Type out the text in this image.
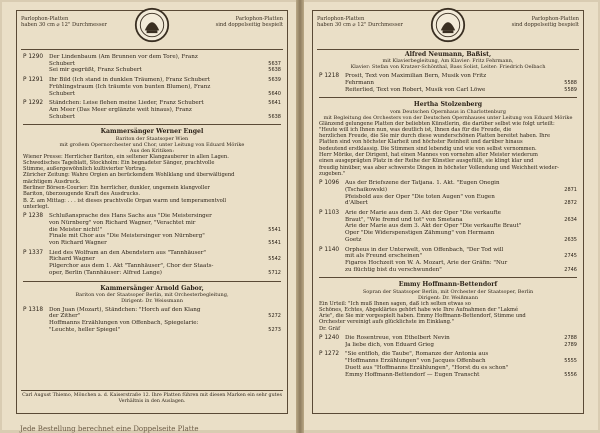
Parlophon-Platten
haben 30 cm ⌀ 12" Durchmesser
Parlophon-Platten
sind doppelseitig bespielt
P 1290	Der Lindenbaum (Am Brunnen vor dem Tore), Franz
Schubert	5637
Sei mir gegrüßt, Franz Schubert	5638
P 1291	Ihr Bild (Ich stand in dunklen Träumen), Franz Schubert	5639
Frühlingstraum (Ich träumte von bunten Blumen), Franz
Schubert	5640
P 1292	Ständchen: Leise flehen meine Lieder, Franz Schubert	5641
Am Meer (Das Meer erglänzte weit hinaus), Franz
Schubert	5638
Kammersänger Werner Engel
Bariton der Staatsoper Wien
mit großem Opernorchester und Chor, unter Leitung von Eduard Mörike
Aus den Kritiken:
Wiener Presse: Herrlicher Bariton, ein seltener Klangzauberer in allen Lagen.
Schwedisches Tageblatt, Stockholm: Ein begnadeter Sänger, prachtvolle
Stimme, außergewöhnlich kultivierter Vortrag.
Züricher Zeitung: Wahre Orgien an berückendem Wohlklang und überwältigend
mächtigem Ausdruck.
Berliner Börsen-Courier: Ein herrlicher, dunkler, ungemein klangvoller
Bariton, überzeugende Kraft des Ausdrucks.
B. Z. am Mittag: . . . ist dieses prachtvolle Organ warm und temperamentvoll
unterlegt.
P 1238	Schlußansprache des Hans Sachs aus "Die Meistersinger
von Nürnberg" von Richard Wagner, "Verachtet mir
die Meister nicht!"	5541
Finale mit Chor aus "Die Meistersinger von Nürnberg"
von Richard Wagner	5541
P 1337	Lied des Wolfram an den Abendstern aus "Tannhäuser"
Richard Wagner	5542
Pilgerchor aus dem 1. Akt "Tannhäuser", Chor der Staats-
oper, Berlin (Tannhäuser: Alfred Lange)	5712
Kammersänger Arnold Gabor,
Bariton von der Staatsoper Berlin, mit Orchesterbegleitung,
Dirigent: Dr. Weissmann
P 1318	Don Juan (Mozart), Ständchen: "Horch auf den Klang
der Zither"	5272
Hoffmanns Erzählungen von Offenbach, Spiegelarie:
"Leuchte, heller Spiegel"	5273
Carl August Thiemo, Mönchen a. d. Kaiserstraße 12. Ihre Platten führen mit diesen Marken ein sehr gutes Verhältnis in den Auslagen.
Parlophon-Platten
haben 30 cm ⌀ 12" Durchmesser
Parlophon-Platten
sind doppelseitig bespielt
Alfred Neumann, Baßist,
mit Klavierbegleitung, Am Klavier: Fritz Fehrmann,
Klavier: Stefan von Kratzer-Schönthal, Bass Solist, Leiter: Friedrich Oelbach
P 1218	Prosit, Text von Maximilian Bern, Musik von Fritz
Fehrmann	5588
Reiterlied, Text von Robert, Musik von Carl Löwe	5589
Hertha Stolzenberg
vom Deutschen Opernhaus in Charlottenburg
mit Begleitung des Orchesters von der Deutschen Opernhauses unter Leitung von Eduard Mörike
Glänzend gelungene Platten der beliebten Künstlerin, die darüber selbst wie folgt urteilt:
"Heute will ich Ihnen nun, was deutlich ist, Ihnen das für die Freude, die
herzlichen Freude, die Sie mir durch diese wunderschönen Platten bereitet haben. Ihre
Platten sind von höchster Klarheit und höchster Reinheit und darüber hinaus
bedeutend erstklassig. Die Stimmen sind lebendig und wie von selbst vernommen.
Herr Mörike, der Dirigent, hat einen Mannes von vornehm alter Meister wiederum
einen ausgeprägten Platz in der Reihe der Künstler ausgefüllt, sie klingt klar und
freudig hinüber, was aber schwerste Dingen in höchster Vollendung und Weichheit wieder-
zugeben."
P 1096	Aus der Briefszene der Tatjana. 1. Akt. "Eugen Onegin
(Tschaikowski)	2871
Pfeisbold aus der Oper "Die toten Augen" von Eugen
d'Albert	2872
P 1103	Arie der Marie aus dem 3. Akt der Oper "Die verkaufte
Braut", "Wie fremd und tot" von Smetana	2634
Arie der Marie aus dem 3. Akt der Oper "Die verkaufte Braut"
Oper "Die Widerspenstigen Zähmung" von Hermann
Goetz	2635
P 1140	Orpheus in der Unterwelt, von Offenbach, "Der Tod will
mit als Freund erscheinen"	2745
Figaros Hochzeit von W. A. Mozart, Arie der Gräfin: "Nur
zu flüchtig bist du verschwunden"	2746
Emmy Hoffmann-Bettendorf
Sopran der Staatsoper Berlin, mit Orchester der Staatsoper, Berlin
Dirigent: Dr. Weißmann
Ein Urteil: "Ich muß Ihnen sagen, daß ich selten etwas so
Schönes, Echtes, Abgeklärtes gehört habe wie Ihre Aufnahmen der "Lakmé
Arie", die Sie mir vorgespielt haben. Emmy Hoffmann-Bettendorf, Stimme und
Orchester vereinigt aufs glücklichste im Einklang."
Dr. Gräf
P 1240	Die Rosentreue, von Ethelbert Nevin	2788
Ja liebe dich, von Eduard Grieg	2789
P 1272	"Sie entfloh, die Taube", Romanze der Antonia aus
"Hoffmanns Erzählungen" von Jacques Offenbach	5555
Duett aus "Hoffmanns Erzählungen", "Horst du es schon"
Emmy Hoffmann-Bettendorf — Eugen Transcht	5556
Jede Bestellung berechnet eine Doppelseite Platte
